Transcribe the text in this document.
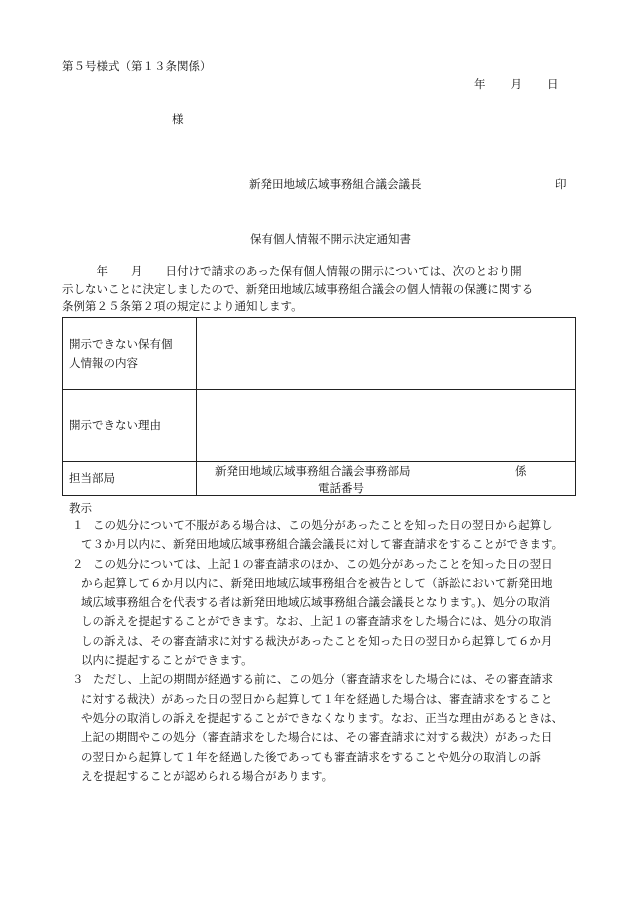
第５号様式（第１３条関係）
年 月 日
様
新発田地域広域事務組合議会議長	印
保有個人情報不開示決定通知書
　　　年　　月　　日付けで請求のあった保有個人情報の開示については、次のとおり開
示しないことに決定しましたので、新発田地域広域事務組合議会の個人情報の保護に関する
条例第２５条第２項の規定により通知します。
開示できない保有個
人情報の内容	

開示できない理由	
担当部局	新発田地域広域事務組合議会事務部局 係
電話番号
教示
１ この処分について不服がある場合は、この処分があったことを知った日の翌日から起算し
て３か月以内に、新発田地域広域事務組合議会議長に対して審査請求をすることができます。
２ この処分については、上記１の審査請求のほか、この処分があったことを知った日の翌日
から起算して６か月以内に、新発田地域広域事務組合を被告として（訴訟において新発田地
域広域事務組合を代表する者は新発田地域広域事務組合議会議長となります。)、処分の取消
しの訴えを提起することができます。なお、上記１の審査請求をした場合には、処分の取消
しの訴えは、その審査請求に対する裁決があったことを知った日の翌日から起算して６か月
以内に提起することができます。
３ ただし、上記の期間が経過する前に、この処分（審査請求をした場合には、その審査請求
に対する裁決）があった日の翌日から起算して１年を経過した場合は、審査請求をすること
や処分の取消しの訴えを提起することができなくなります。なお、正当な理由があるときは、
上記の期間やこの処分（審査請求をした場合には、その審査請求に対する裁決）があった日
の翌日から起算して１年を経過した後であっても審査請求をすることや処分の取消しの訴
えを提起することが認められる場合があります。
